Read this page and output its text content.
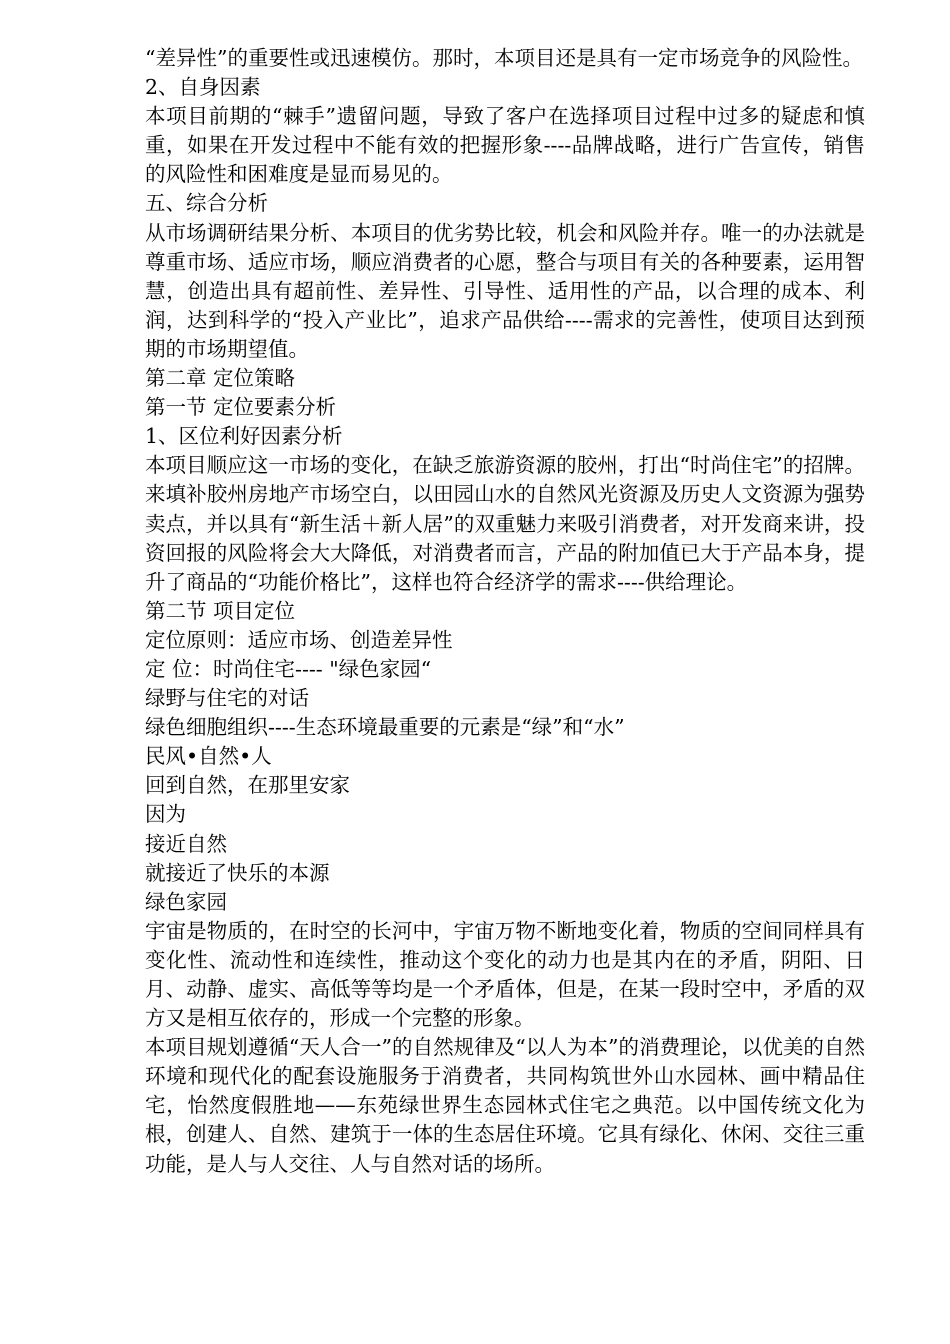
“差异性”的重要性或迅速模仿。那时，本项目还是具有一定市场竞争的风险性。

2、自身因素

本项目前期的“棘手”遗留问题，导致了客户在选择项目过程中过多的疑虑和慎重，如果在开发过程中不能有效的把握形象----品牌战略，进行广告宣传，销售的风险性和困难度是显而易见的。

五、综合分析

从市场调研结果分析、本项目的优劣势比较，机会和风险并存。唯一的办法就是尊重市场、适应市场，顺应消费者的心愿，整合与项目有关的各种要素，运用智慧，创造出具有超前性、差异性、引导性、适用性的产品，以合理的成本、利润，达到科学的“投入产业比”，追求产品供给----需求的完善性，使项目达到预期的市场期望值。

第二章 定位策略

第一节 定位要素分析

1、区位利好因素分析

本项目顺应这一市场的变化，在缺乏旅游资源的胶州，打出“时尚住宅”的招牌。来填补胶州房地产市场空白，以田园山水的自然风光资源及历史人文资源为强势卖点，并以具有“新生活＋新人居”的双重魅力来吸引消费者，对开发商来讲，投资回报的风险将会大大降低，对消费者而言，产品的附加值已大于产品本身，提升了商品的“功能价格比”，这样也符合经济学的需求----供给理论。

第二节 项目定位

定位原则：适应市场、创造差异性

定 位：时尚住宅---- "绿色家园“

绿野与住宅的对话

绿色细胞组织----生态环境最重要的元素是“绿”和“水”

民风•自然•人

回到自然，在那里安家

因为

接近自然

就接近了快乐的本源

绿色家园

宇宙是物质的，在时空的长河中，宇宙万物不断地变化着，物质的空间同样具有变化性、流动性和连续性，推动这个变化的动力也是其内在的矛盾，阴阳、日月、动静、虚实、高低等等均是一个矛盾体，但是，在某一段时空中，矛盾的双方又是相互依存的，形成一个完整的形象。

本项目规划遵循“天人合一”的自然规律及“以人为本”的消费理论，以优美的自然环境和现代化的配套设施服务于消费者，共同构筑世外山水园林、画中精品住宅，怡然度假胜地——东苑绿世界生态园林式住宅之典范。以中国传统文化为根，创建人、自然、建筑于一体的生态居住环境。它具有绿化、休闲、交往三重功能，是人与人交往、人与自然对话的场所。
